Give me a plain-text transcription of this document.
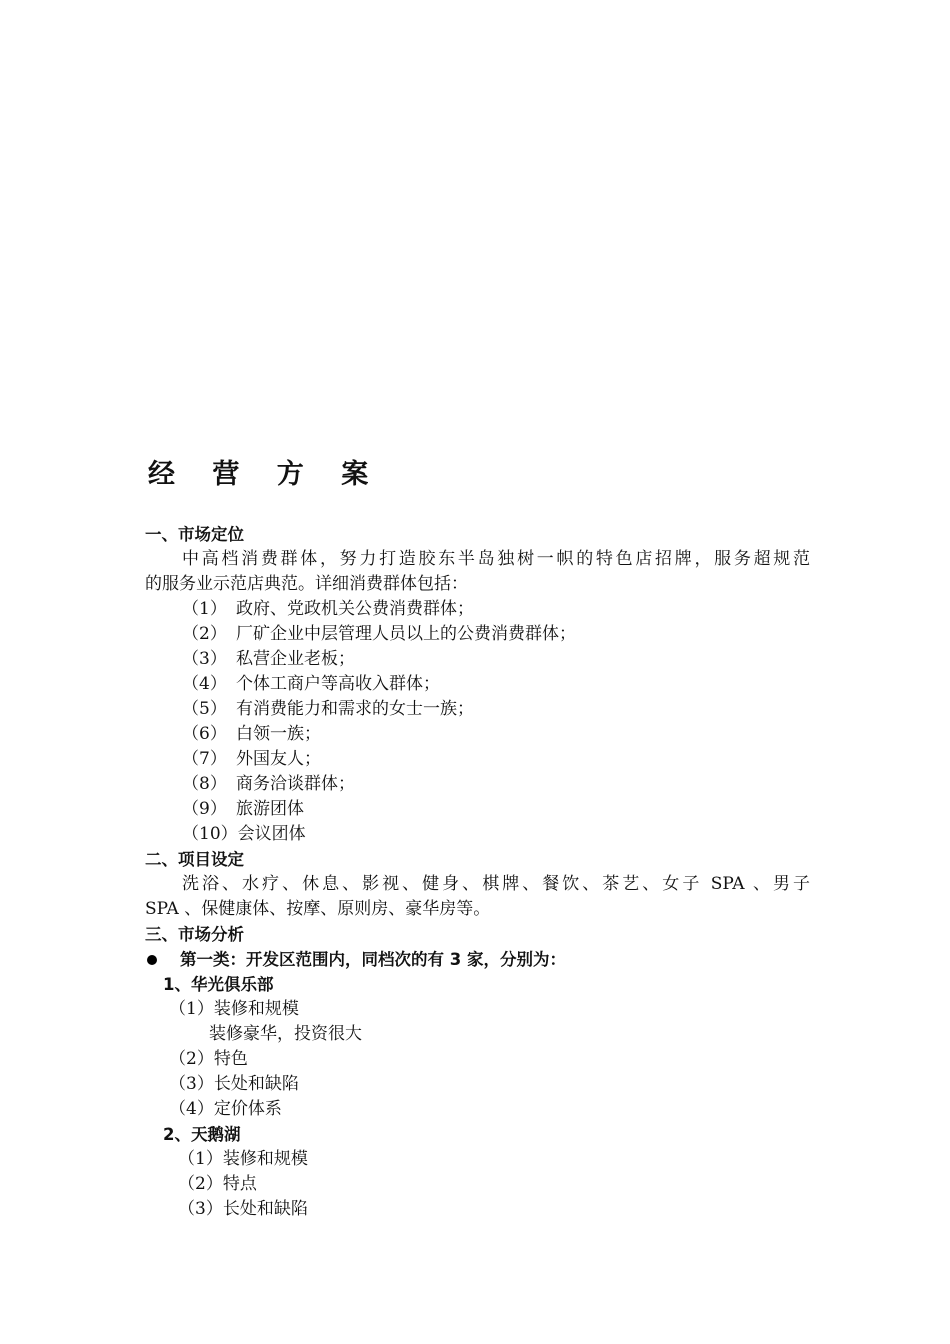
经 营 方 案
一、市场定位
中高档消费群体，努力打造胶东半岛独树一帜的特色店招牌，服务超规范
的服务业示范店典范。详细消费群体包括：
（1） 政府、党政机关公费消费群体；
（2） 厂矿企业中层管理人员以上的公费消费群体；
（3） 私营企业老板；
（4） 个体工商户等高收入群体；
（5） 有消费能力和需求的女士一族；
（6） 白领一族；
（7） 外国友人；
（8） 商务洽谈群体；
（9） 旅游团体
（10） 会议团体
二、项目设定
洗浴、水疗、休息、影视、健身、棋牌、餐饮、茶艺、女子 SPA 、男子
SPA 、保健康体、按摩、原则房、豪华房等。
三、市场分析
第一类：开发区范围内，同档次的有 3 家，分别为：
1、华光俱乐部
（1）装修和规模
装修豪华，投资很大
（2）特色
（3）长处和缺陷
（4）定价体系
2、天鹅湖
（1）装修和规模
（2）特点
（3）长处和缺陷
